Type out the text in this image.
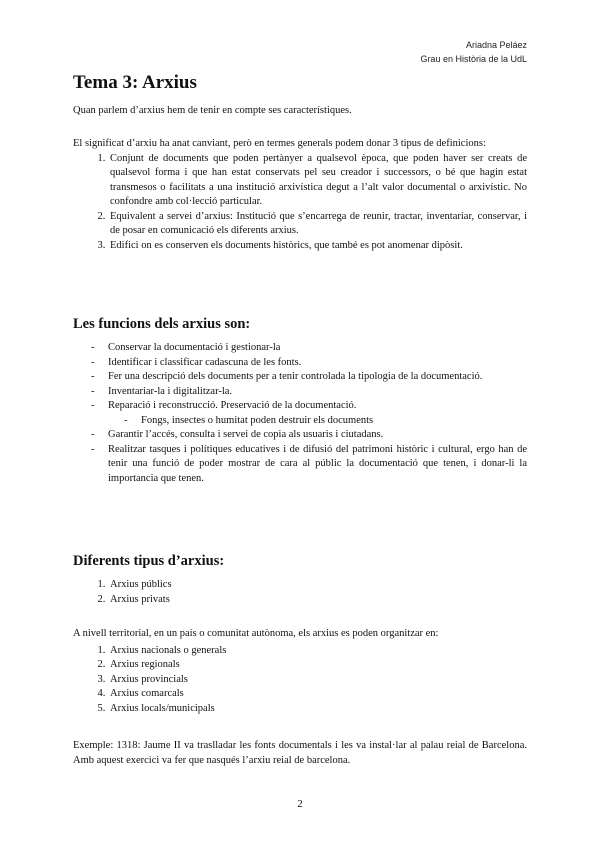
Ariadna Peláez
Grau en Història de la UdL
Tema 3: Arxius

Quan parlem d’arxius hem de tenir en compte ses característiques.

El significat d’arxiu ha anat canviant, però en termes generals podem donar 3 tipus de definicions:

1. Conjunt de documents que poden pertànyer a qualsevol època, que poden haver ser creats de qualsevol forma i que han estat conservats pel seu creador i successors, o bé que hagin estat transmesos o facilitats a una institució arxivística degut a l’alt valor documental o arxivístic. No confondre amb col·lecció particular.
2. Equivalent a servei d’arxius: Institució que s’encarrega de reunir, tractar, inventariar, conservar, i de posar en comunicació els diferents arxius.
3. Edifici on es conserven els documents històrics, que també es pot anomenar dipòsit.
Les funcions dels arxius son:
- Conservar la documentació i gestionar-la
- Identificar i classificar cadascuna de les fonts.
- Fer una descripció dels documents per a tenir controlada la tipologia de la documentació.
- Inventariar-la i digitalitzar-la.
- Reparació i reconstrucció. Preservació de la documentació.
- Fongs, insectes o humitat poden destruir els documents
- Garantir l’accés, consulta i servei de copia als usuaris i ciutadans.
- Realitzar tasques i polítiques educatives i de difusió del patrimoni històric i cultural, ergo han de tenir una funció de poder mostrar de cara al públic la documentació que tenen, i donar-li la importancia que tenen.
Diferents tipus d’arxius:
1. Arxius públics
2. Arxius privats

A nivell territorial, en un país o comunitat autònoma, els arxius es poden organitzar en:

1. Arxius nacionals o generals
2. Arxius regionals
3. Arxius provincials
4. Arxius comarcals
5. Arxius locals/municipals

Exemple: 1318: Jaume II va traslladar les fonts documentals i les va instal·lar al palau reial de Barcelona. Amb aquest exercici va fer que nasqués l’arxiu reial de barcelona.

2
